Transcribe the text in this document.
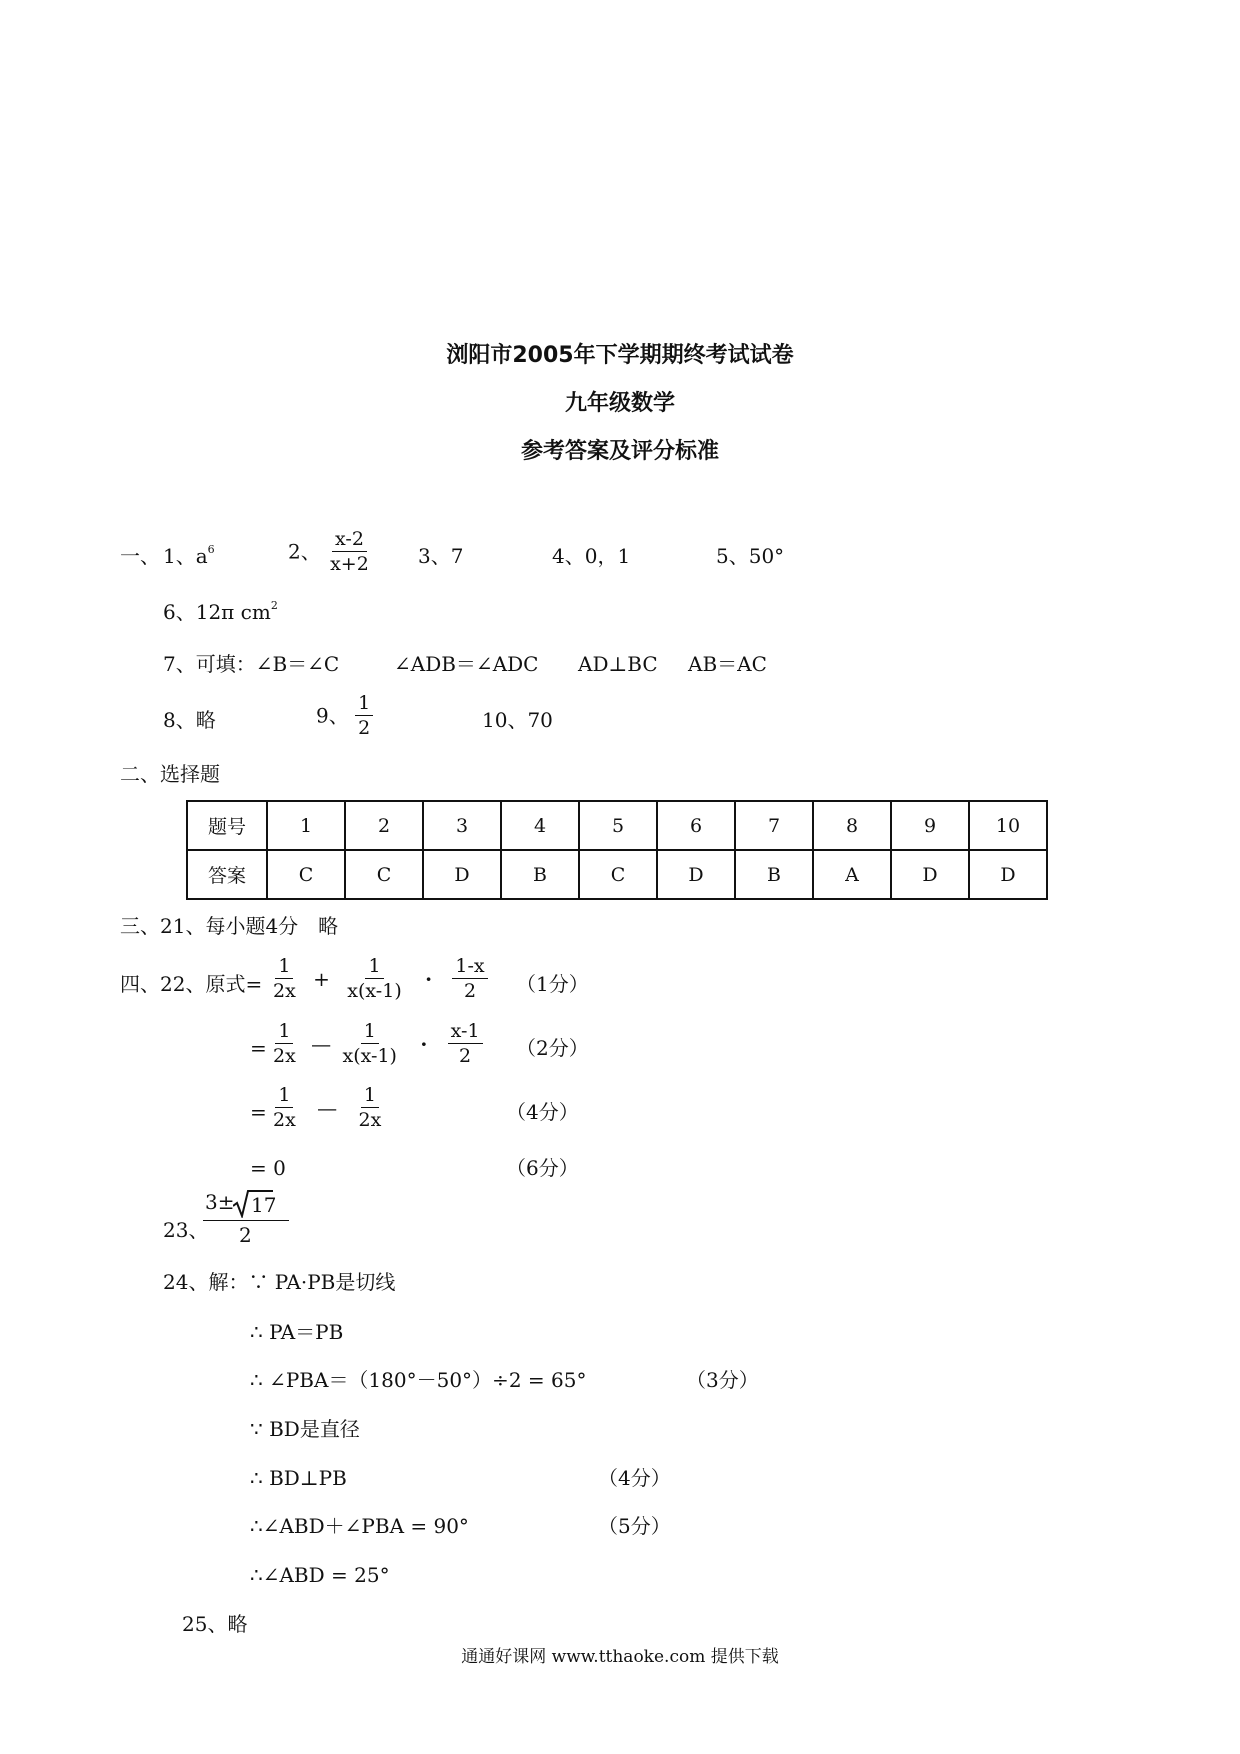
浏阳市2005年下学期期终考试试卷
九年级数学
参考答案及评分标准
一、 1、$a^6$	2、 $\frac{x-2}{x+2} 3$、7	4、0，1	5、50°
6、12π $cm^2$
7、可填：∠B＝∠C	∠ADB＝∠ADC AD⊥BC AB＝AC
8、略	9、 $\frac{1}{2}$	10、70
二、选择题
题号	1	2	3	4	5	6	7	8	9	10
答案	C	C	D	B	C	D	B	A	D	D
三、21、每小题4分　略
四、22、原式= $\frac{1}{2x} + \frac{1}{x(x-1)} \cdot \frac{1-x}{2} (1$分）
= $\frac{1}{2x}$ — $\frac{1}{x(x-1)} \cdot \frac{x-1}{2} (2$分）
= $\frac{1}{2x}$ — $\frac{1}{2x}$	（4分）
= 0	（6分）
23、
3± 17
2
24、解：∵ PA·PB是切线
∴ PA＝PB
∴ ∠PBA＝（180°－50°）÷2 = 65°	（3分）
∵ BD是直径
∴ BD⊥PB	（4分）
∴∠ABD＋∠PBA = 90°	（5分）
∴∠ABD = 25°
25、略
通通好课网 www.tthaoke.com 提供下载
